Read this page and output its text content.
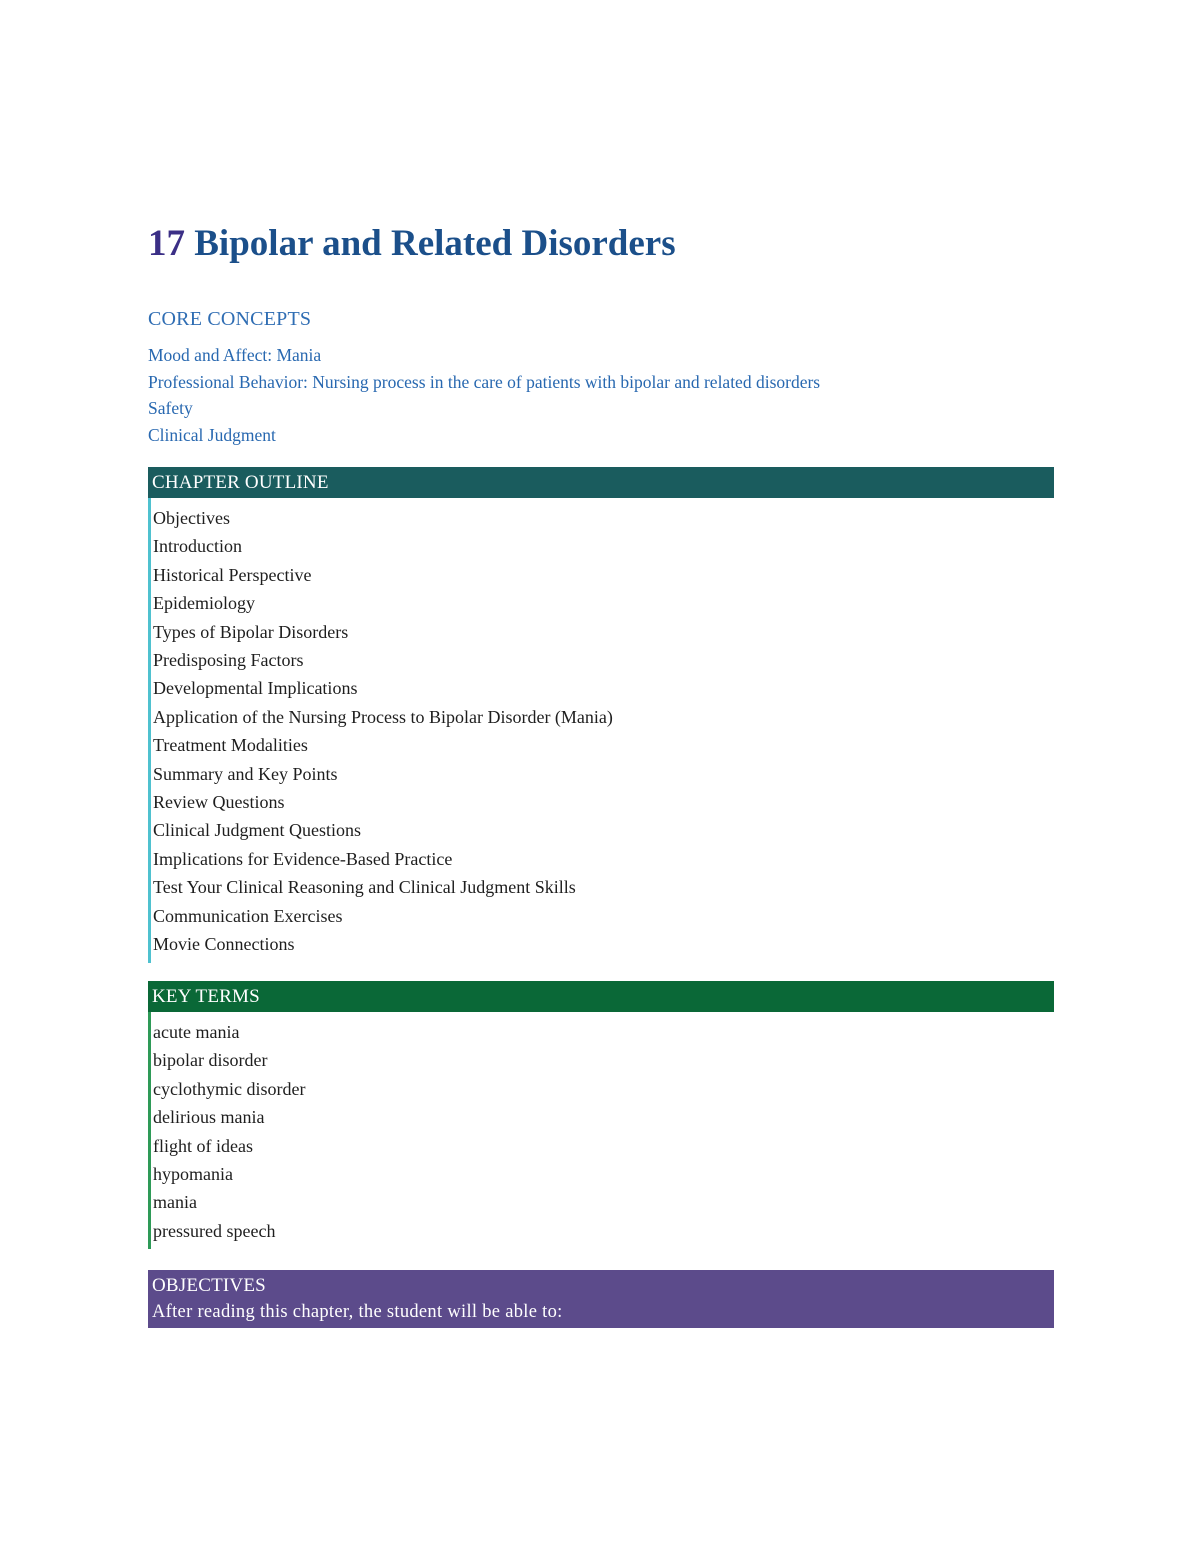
17 Bipolar and Related Disorders
CORE CONCEPTS
Mood and Affect: Mania
Professional Behavior: Nursing process in the care of patients with bipolar and related disorders
Safety
Clinical Judgment
CHAPTER OUTLINE
Objectives
Introduction
Historical Perspective
Epidemiology
Types of Bipolar Disorders
Predisposing Factors
Developmental Implications
Application of the Nursing Process to Bipolar Disorder (Mania)
Treatment Modalities
Summary and Key Points
Review Questions
Clinical Judgment Questions
Implications for Evidence-Based Practice
Test Your Clinical Reasoning and Clinical Judgment Skills
Communication Exercises
Movie Connections
KEY TERMS
acute mania
bipolar disorder
cyclothymic disorder
delirious mania
flight of ideas
hypomania
mania
pressured speech
OBJECTIVES
After reading this chapter, the student will be able to:
